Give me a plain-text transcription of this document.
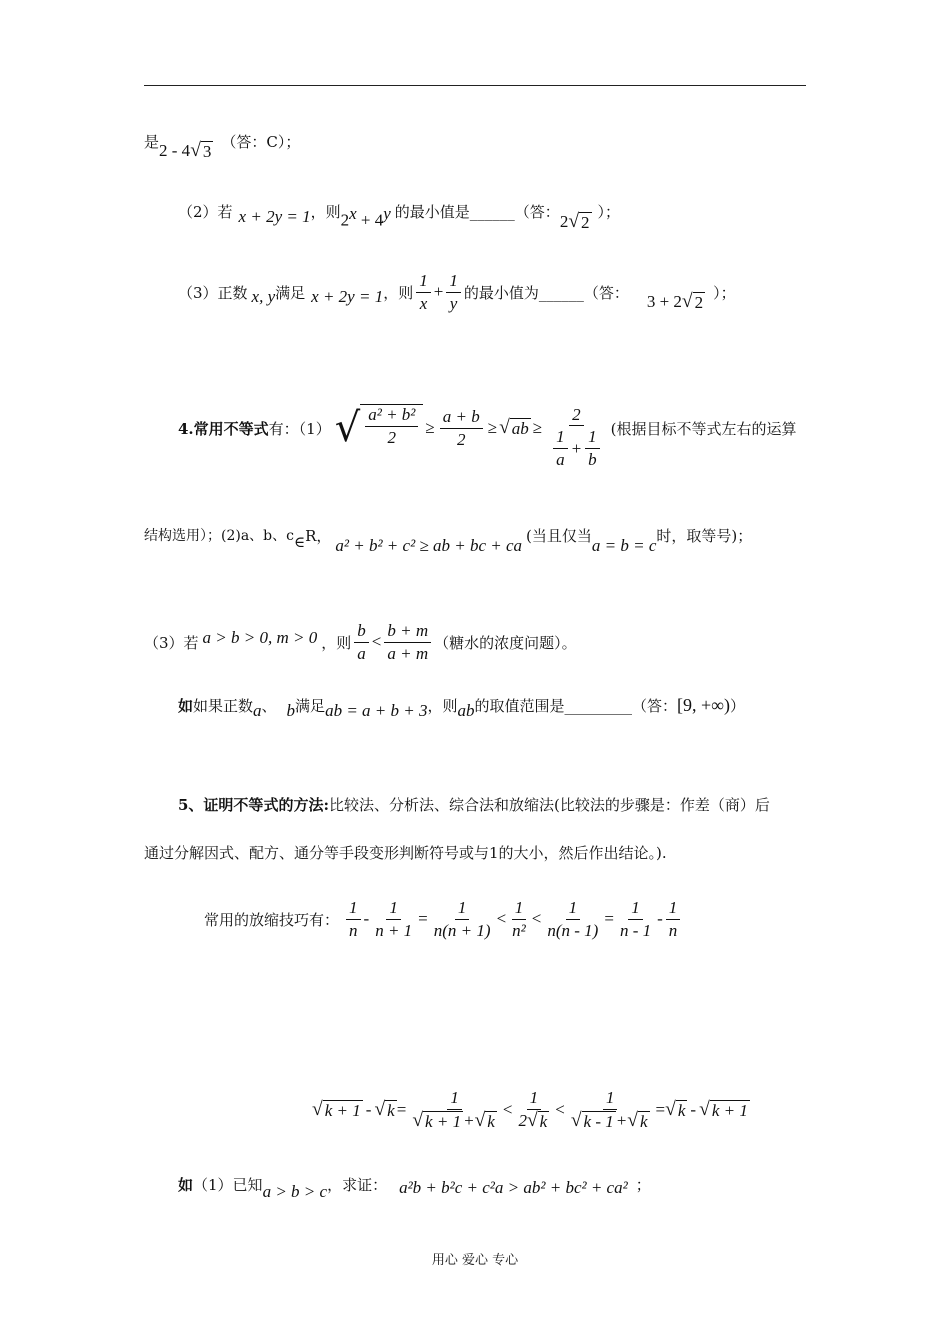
是 2 - 4 √ 3 （答：C）；
（2）若 x + 2y = 1 ，则 $2^x + 4^y$ 的最小值是______（答： 2 √ 2
）；
（3）正数 x, y 满足 x + 2y = 1 ，则 $\frac{1}{x} + \frac{1}{y}$ 的最小值为______（答： 3 + 2 √ 2 ）；
4.常用不等式 有：（1） √ $\frac{\text{a² + b²}}{2} \ge \frac{a + b}{2}$ ≥ √ ab ≥ $\frac{2}{\frac{1}{a} + \frac{1}{b}}$ (根据目标不等式左右的运算
结构选用）；(2)a、b、c ∈ R，
a² + b² + c² ≥ ab + bc + ca
(当且仅当
a = b = c
时，取等号)；
（3）若 a > b > 0, m > 0 ，则 $\frac{b}{a} < \frac{b + m}{a + m}$ （糖水的浓度问题）。
如 如果正数 a 、 b 满足 ab = a + b + 3 ，则 ab 的取值范围是_________（答： [9, +∞) ）
5、证明不等式的方法: 比较法、分析法、综合法和放缩法(比较法的步骤是：作差（商）后
通过分解因式、配方、通分等手段变形判断符号或与1的大小，然后作出结论。).
常用的放缩技巧有： $\frac{1}{n} - \frac{1}{n + 1} = \frac{1}{n(n + 1)} < \frac{1}{\text{n²}} < \frac{1}{n(n - 1)} = \frac{1}{n - 1} - \frac{1}{n}$
√ k + 1 - √ $k = \frac{1}{√ k + 1 + √ k} < \frac{1}{2 √ k} < \frac{1}{√ k - 1 + √ k}$ = √ k - √ k + 1
如 （1）已知 a > b > c ，求证： a²b + b²c + c²a > ab² + bc² + ca² ；
用心 爱心 专心
